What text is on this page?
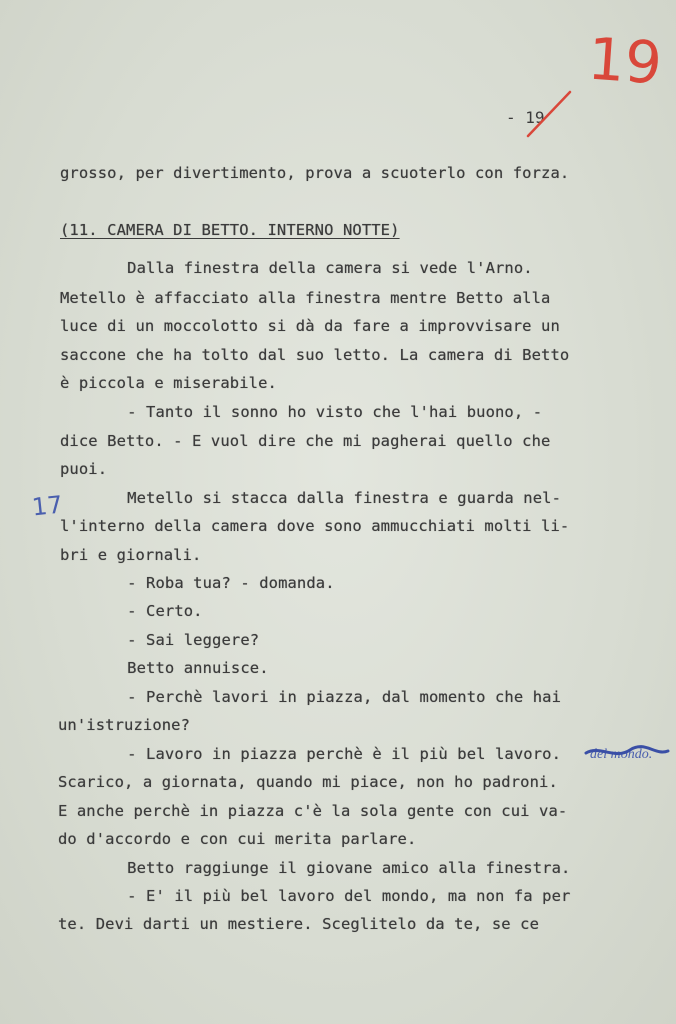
19
- 19
17
grosso, per divertimento, prova a scuoterlo con forza.
(11. CAMERA DI BETTO. INTERNO NOTTE)
Dalla finestra della camera si vede l'Arno.
Metello è affacciato alla finestra mentre Betto alla
luce di un moccolotto si dà da fare a improvvisare un
saccone che ha tolto dal suo letto. La camera di Betto
è piccola e miserabile.
- Tanto il sonno ho visto che l'hai buono, -
dice Betto. - E vuol dire che mi pagherai quello che
puoi.
Metello si stacca dalla finestra e guarda nel-
l'interno della camera dove sono ammucchiati molti li-
bri e giornali.
- Roba tua? - domanda.
- Certo.
- Sai leggere?
Betto annuisce.
- Perchè lavori in piazza, dal momento che hai
un'istruzione?
- Lavoro in piazza perchè è il più bel lavoro.
Scarico, a giornata, quando mi piace, non ho padroni.
E anche perchè in piazza c'è la sola gente con cui va-
do d'accordo e con cui merita parlare.
Betto raggiunge il giovane amico alla finestra.
- E' il più bel lavoro del mondo, ma non fa per
te. Devi darti un mestiere. Sceglitelo da te, se ce
del mondo.
